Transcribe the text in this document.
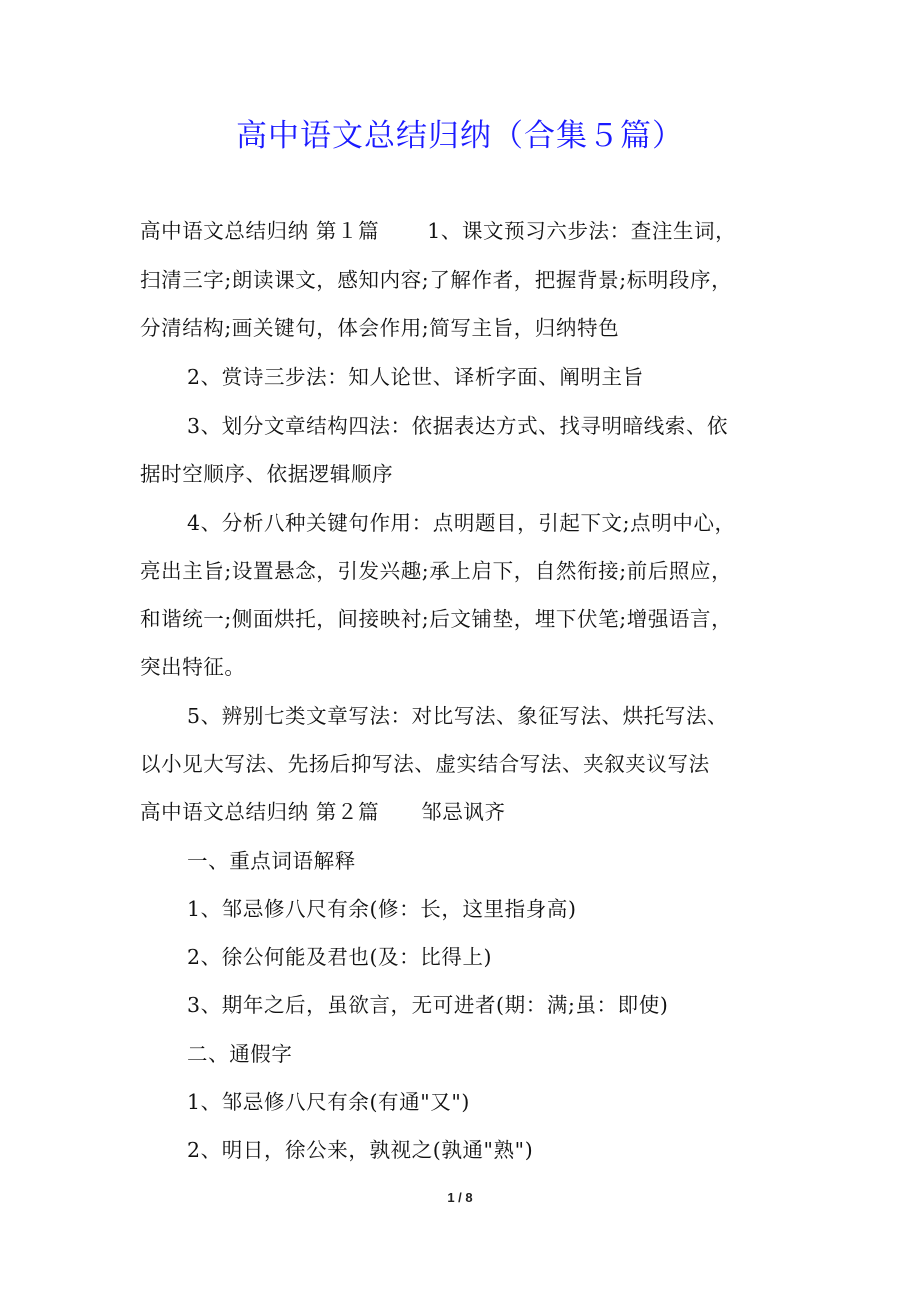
高中语文总结归纳（合集５篇）

高中语文总结归纳 第１篇 1、课文预习六步法：查注生词，

扫清三字;朗读课文，感知内容;了解作者，把握背景;标明段序，

分清结构;画关键句，体会作用;简写主旨，归纳特色

2、赏诗三步法：知人论世、译析字面、阐明主旨

3、划分文章结构四法：依据表达方式、找寻明暗线索、依

据时空顺序、依据逻辑顺序

4、分析八种关键句作用：点明题目，引起下文;点明中心，

亮出主旨;设置悬念，引发兴趣;承上启下，自然衔接;前后照应，

和谐统一;侧面烘托，间接映衬;后文铺垫，埋下伏笔;增强语言，

突出特征。

5、辨别七类文章写法：对比写法、象征写法、烘托写法、

以小见大写法、先扬后抑写法、虚实结合写法、夹叙夹议写法

高中语文总结归纳 第２篇 邹忌讽齐

一、重点词语解释

1、邹忌修八尺有余(修：长，这里指身高)

2、徐公何能及君也(及：比得上)

3、期年之后，虽欲言，无可进者(期：满;虽：即使)

二、通假字

1、邹忌修八尺有余(有通"又")

2、明日，徐公来，孰视之(孰通"熟")

1 / 8
